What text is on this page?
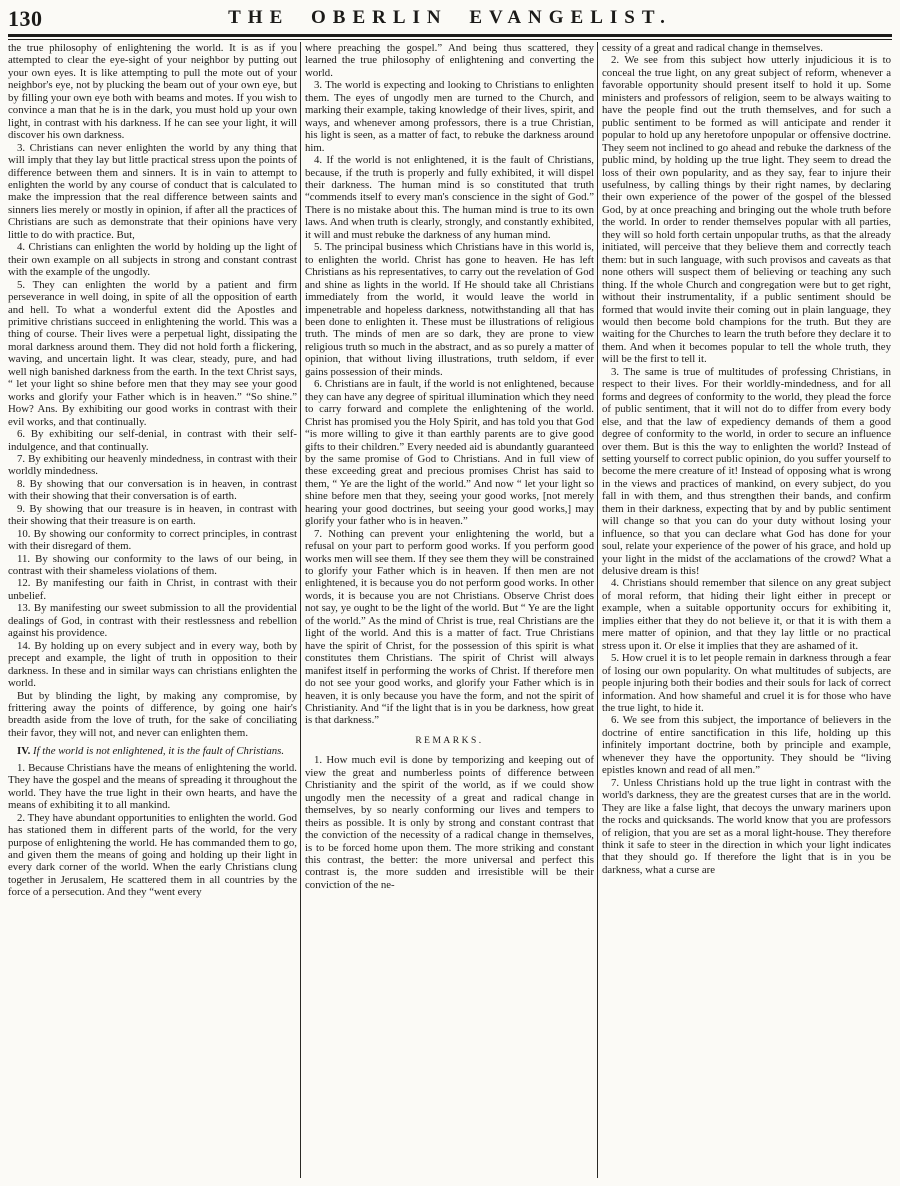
130	THE OBERLIN EVANGELIST.

the true philosophy of enlightening the world. It is as if you attempted to clear the eye-sight of your neighbor by putting out your own eyes. It is like attempting to pull the mote out of your neighbor's eye, not by plucking the beam out of your own eye, but by filling your own eye both with beams and motes. If you wish to convince a man that he is in the dark, you must hold up your own light, in contrast with his darkness. If he can see your light, it will discover his own darkness.

3. Christians can never enlighten the world by any thing that will imply that they lay but little practical stress upon the points of difference between them and sinners. It is in vain to attempt to enlighten the world by any course of conduct that is calculated to make the impression that the real difference between saints and sinners lies merely or mostly in opinion, if after all the practices of Christians are such as demonstrate that their opinions have very little to do with practice. But,

4. Christians can enlighten the world by holding up the light of their own example on all subjects in strong and constant contrast with the example of the ungodly.

5. They can enlighten the world by a patient and firm perseverance in well doing, in spite of all the opposition of earth and hell. To what a wonderful extent did the Apostles and primitive christians succeed in enlightening the world. This was a thing of course. Their lives were a perpetual light, dissipating the moral darkness around them. They did not hold forth a flickering, waving, and uncertain light. It was clear, steady, pure, and had well nigh banished darkness from the earth. In the text Christ says, “ let your light so shine before men that they may see your good works and glorify your Father which is in heaven.” “So shine.” How? Ans. By exhibiting our good works in contrast with their evil works, and that continually.

6. By exhibiting our self-denial, in contrast with their self-indulgence, and that continually.

7. By exhibiting our heavenly mindedness, in contrast with their worldly mindedness.

8. By showing that our conversation is in heaven, in contrast with their showing that their conversation is of earth.

9. By showing that our treasure is in heaven, in contrast with their showing that their treasure is on earth.

10. By showing our conformity to correct principles, in contrast with their disregard of them.

11. By showing our conformity to the laws of our being, in contrast with their shameless violations of them.

12. By manifesting our faith in Christ, in contrast with their unbelief.

13. By manifesting our sweet submission to all the providential dealings of God, in contrast with their restlessness and rebellion against his providence.

14. By holding up on every subject and in every way, both by precept and example, the light of truth in opposition to their darkness. In these and in similar ways can christians enlighten the world.

But by blinding the light, by making any compromise, by frittering away the points of difference, by going one hair's breadth aside from the love of truth, for the sake of conciliating their favor, they will not, and never can enlighten them.

IV. If the world is not enlightened, it is the fault of Christians.

1. Because Christians have the means of enlightening the world. They have the gospel and the means of spreading it throughout the world. They have the true light in their own hearts, and have the means of exhibiting it to all mankind.

2. They have abundant opportunities to enlighten the world. God has stationed them in different parts of the world, for the very purpose of enlightening the world. He has commanded them to go, and given them the means of going and holding up their light in every dark corner of the world. When the early Christians clung together in Jerusalem, He scattered them in all countries by the force of a persecution. And they “went every

where preaching the gospel.” And being thus scattered, they learned the true philosophy of enlightening and converting the world.

3. The world is expecting and looking to Christians to enlighten them. The eyes of ungodly men are turned to the Church, and marking their example, taking knowledge of their lives, spirit, and ways, and whenever among professors, there is a true Christian, his light is seen, as a matter of fact, to rebuke the darkness around him.

4. If the world is not enlightened, it is the fault of Christians, because, if the truth is properly and fully exhibited, it will dispel their darkness. The human mind is so constituted that truth “commends itself to every man's conscience in the sight of God.” There is no mistake about this. The human mind is true to its own laws. And when truth is clearly, strongly, and constantly exhibited, it will and must rebuke the darkness of any human mind.

5. The principal business which Christians have in this world is, to enlighten the world. Christ has gone to heaven. He has left Christians as his representatives, to carry out the revelation of God and shine as lights in the world. If He should take all Christians immediately from the world, it would leave the world in impenetrable and hopeless darkness, notwithstanding all that has been done to enlighten it. These must be illustrations of religious truth. The minds of men are so dark, they are prone to view religious truth so much in the abstract, and as so purely a matter of opinion, that without living illustrations, truth seldom, if ever gains possession of their minds.

6. Christians are in fault, if the world is not enlightened, because they can have any degree of spiritual illumination which they need to carry forward and complete the enlightening of the world. Christ has promised you the Holy Spirit, and has told you that God “is more willing to give it than earthly parents are to give good gifts to their children.” Every needed aid is abundantly guaranteed by the same promise of God to Christians. And in full view of these exceeding great and precious promises Christ has said to them, “ Ye are the light of the world.” And now “ let your light so shine before men that they, seeing your good works, [not merely hearing your good doctrines, but seeing your good works,] may glorify your father who is in heaven.”

7. Nothing can prevent your enlightening the world, but a refusal on your part to perform good works. If you perform good works men will see them. If they see them they will be constrained to glorify your Father which is in heaven. If then men are not enlightened, it is because you do not perform good works. In other words, it is because you are not Christians. Observe Christ does not say, ye ought to be the light of the world. But “ Ye are the light of the world.” As the mind of Christ is true, real Christians are the light of the world. And this is a matter of fact. True Christians have the spirit of Christ, for the possession of this spirit is what constitutes them Christians. The spirit of Christ will always manifest itself in performing the works of Christ. If therefore men do not see your good works, and glorify your Father which is in heaven, it is only because you have the form, and not the spirit of Christianity. And “if the light that is in you be darkness, how great is that darkness.”

REMARKS.

1. How much evil is done by temporizing and keeping out of view the great and numberless points of difference between Christianity and the spirit of the world, as if we could show ungodly men the necessity of a great and radical change in themselves, by so nearly conforming our lives and tempers to theirs as possible. It is only by strong and constant contrast that the conviction of the necessity of a radical change in themselves, is to be forced home upon them. The more striking and constant this contrast, the better: the more universal and perfect this contrast is, the more sudden and irresistible will be their conviction of the ne-

cessity of a great and radical change in themselves.

2. We see from this subject how utterly injudicious it is to conceal the true light, on any great subject of reform, whenever a favorable opportunity should present itself to hold it up. Some ministers and professors of religion, seem to be always waiting to have the people find out the truth themselves, and for such a public sentiment to be formed as will anticipate and render it popular to hold up any heretofore unpopular or offensive doctrine. They seem not inclined to go ahead and rebuke the darkness of the public mind, by holding up the true light. They seem to dread the loss of their own popularity, and as they say, fear to injure their usefulness, by calling things by their right names, by declaring their own experience of the power of the gospel of the blessed God, by at once preaching and bringing out the whole truth before the world. In order to render themselves popular with all parties, they will so hold forth certain unpopular truths, as that the already initiated, will perceive that they believe them and correctly teach them: but in such language, with such provisos and caveats as that none others will suspect them of believing or teaching any such thing. If the whole Church and congregation were but to get right, without their instrumentality, if a public sentiment should be formed that would invite their coming out in plain language, they would then become bold champions for the truth. But they are waiting for the Churches to learn the truth before they declare it to them. And when it becomes popular to tell the whole truth, they will be the first to tell it.

3. The same is true of multitudes of professing Christians, in respect to their lives. For their worldly-mindedness, and for all forms and degrees of conformity to the world, they plead the force of public sentiment, that it will not do to differ from every body else, and that the law of expediency demands of them a good degree of conformity to the world, in order to secure an influence over them. But is this the way to enlighten the world? Instead of setting yourself to correct public opinion, do you suffer yourself to become the mere creature of it! Instead of opposing what is wrong in the views and practices of mankind, on every subject, do you fall in with them, and thus strengthen their bands, and confirm them in their darkness, expecting that by and by public sentiment will change so that you can do your duty without losing your influence, so that you can declare what God has done for your soul, relate your experience of the power of his grace, and hold up your light in the midst of the acclamations of the crowd? What a delusive dream is this!

4. Christians should remember that silence on any great subject of moral reform, that hiding their light either in precept or example, when a suitable opportunity occurs for exhibiting it, implies either that they do not believe it, or that it is with them a mere matter of opinion, and that they lay little or no practical stress upon it. Or else it implies that they are ashamed of it.

5. How cruel it is to let people remain in darkness through a fear of losing our own popularity. On what multitudes of subjects, are people injuring both their bodies and their souls for lack of correct information. And how shameful and cruel it is for those who have the true light, to hide it.

6. We see from this subject, the importance of believers in the doctrine of entire sanctification in this life, holding up this infinitely important doctrine, both by principle and example, whenever they have the opportunity. They should be “living epistles known and read of all men.”

7. Unless Christians hold up the true light in contrast with the world's darkness, they are the greatest curses that are in the world. They are like a false light, that decoys the unwary mariners upon the rocks and quicksands. The world know that you are professors of religion, that you are set as a moral light-house. They therefore think it safe to steer in the direction in which your light indicates that they should go. If therefore the light that is in you be darkness, what a curse are
